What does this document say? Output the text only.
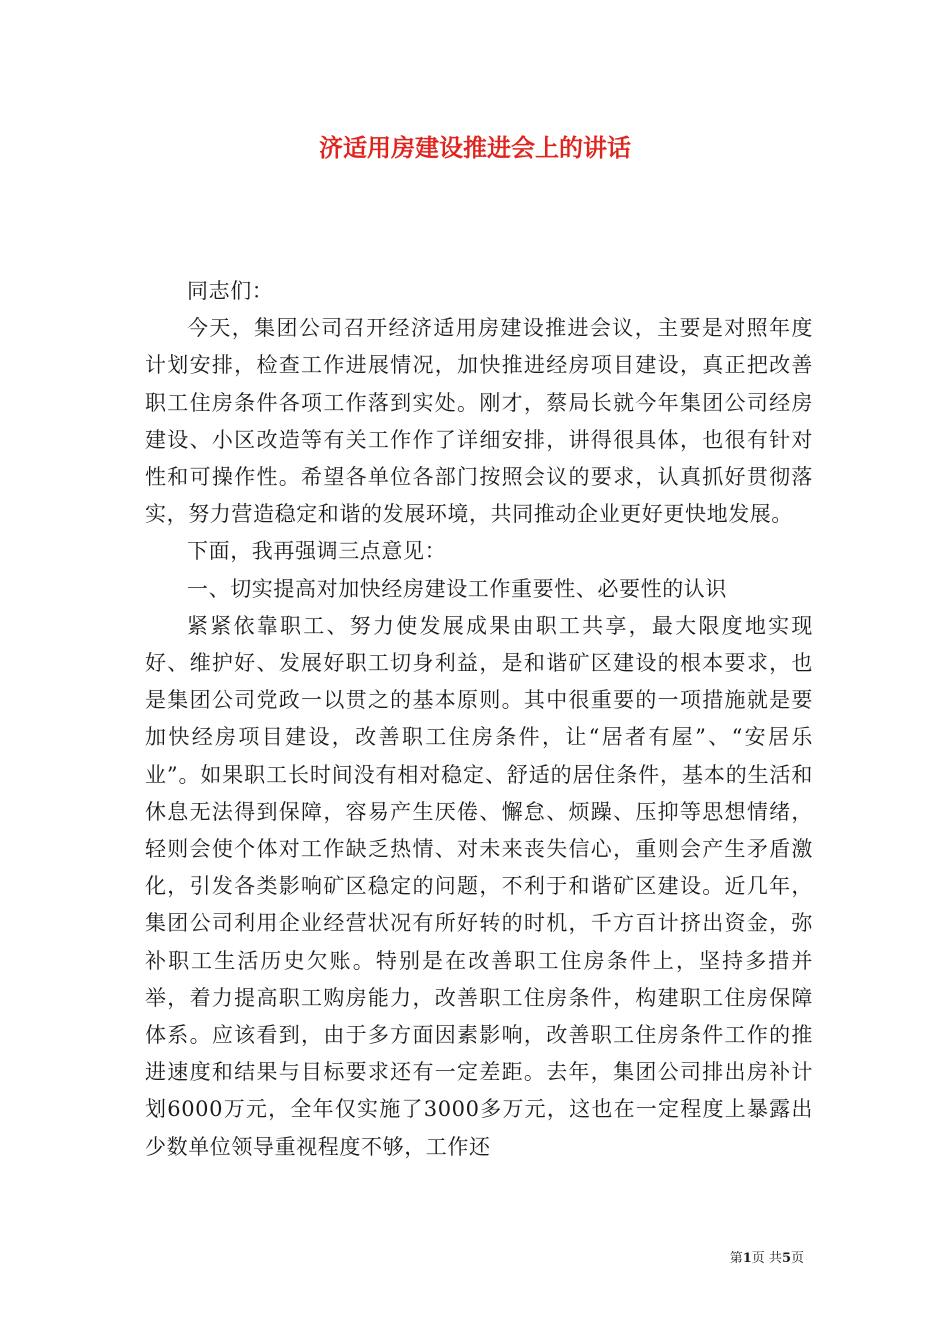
济适用房建设推进会上的讲话

同志们：

今天，集团公司召开经济适用房建设推进会议，主要是对照年度计划安排，检查工作进展情况，加快推进经房项目建设，真正把改善职工住房条件各项工作落到实处。刚才，蔡局长就今年集团公司经房建设、小区改造等有关工作作了详细安排，讲得很具体，也很有针对性和可操作性。希望各单位各部门按照会议的要求，认真抓好贯彻落实，努力营造稳定和谐的发展环境，共同推动企业更好更快地发展。

下面，我再强调三点意见：

一、切实提高对加快经房建设工作重要性、必要性的认识

紧紧依靠职工、努力使发展成果由职工共享，最大限度地实现好、维护好、发展好职工切身利益，是和谐矿区建设的根本要求，也是集团公司党政一以贯之的基本原则。其中很重要的一项措施就是要加快经房项目建设，改善职工住房条件，让“居者有屋”、“安居乐业”。如果职工长时间没有相对稳定、舒适的居住条件，基本的生活和休息无法得到保障，容易产生厌倦、懈怠、烦躁、压抑等思想情绪，轻则会使个体对工作缺乏热情、对未来丧失信心，重则会产生矛盾激化，引发各类影响矿区稳定的问题，不利于和谐矿区建设。近几年，集团公司利用企业经营状况有所好转的时机，千方百计挤出资金，弥补职工生活历史欠账。特别是在改善职工住房条件上，坚持多措并举，着力提高职工购房能力，改善职工住房条件，构建职工住房保障体系。应该看到，由于多方面因素影响，改善职工住房条件工作的推进速度和结果与目标要求还有一定差距。去年，集团公司排出房补计划6000万元，全年仅实施了3000多万元，这也在一定程度上暴露出少数单位领导重视程度不够，工作还

第1页 共5页
